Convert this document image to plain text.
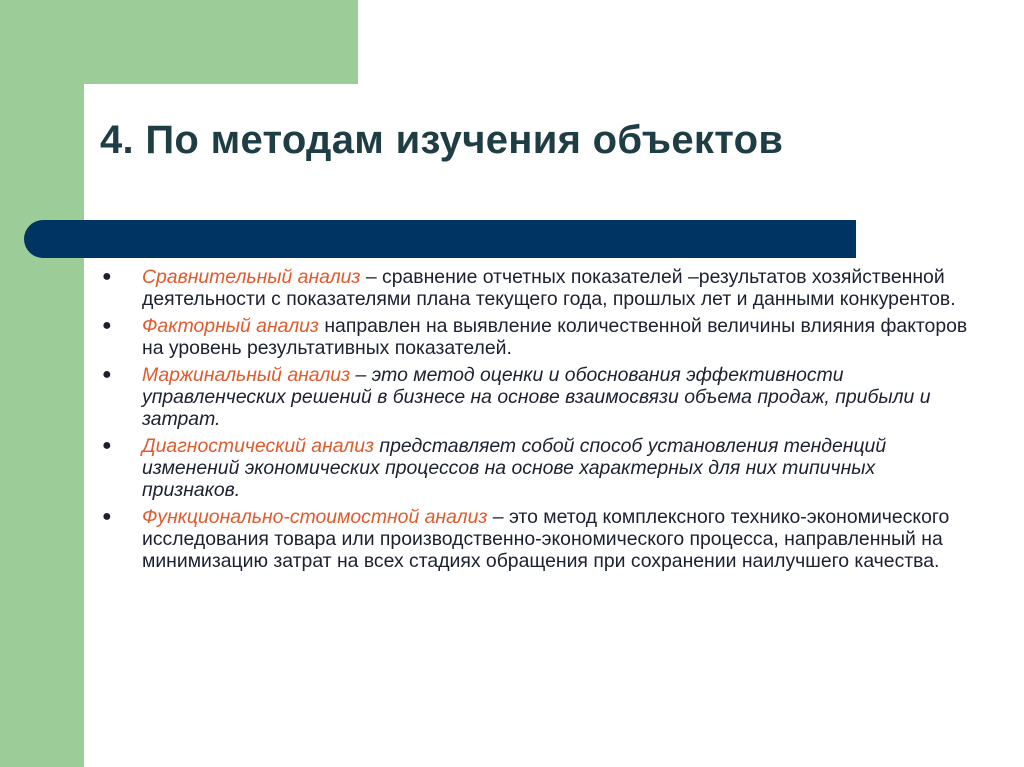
4. По методам изучения объектов
● Сравнительный анализ – сравнение отчетных показателей –результатов хозяйственной деятельности с показателями плана текущего года, прошлых лет и данными конкурентов.
● Факторный анализ направлен на выявление количественной величины влияния факторов на уровень результативных показателей.
● Маржинальный анализ – это метод оценки и обоснования эффективности управленческих решений в бизнесе на основе взаимосвязи объема продаж, прибыли и затрат.
● Диагностический анализ представляет собой способ установления тенденций изменений экономических процессов на основе характерных для них типичных признаков.
● Функционально-стоимостной анализ – это метод комплексного технико-экономического исследования товара или производственно-экономического процесса, направленный на минимизацию затрат на всех стадиях обращения при сохранении наилучшего качества.
